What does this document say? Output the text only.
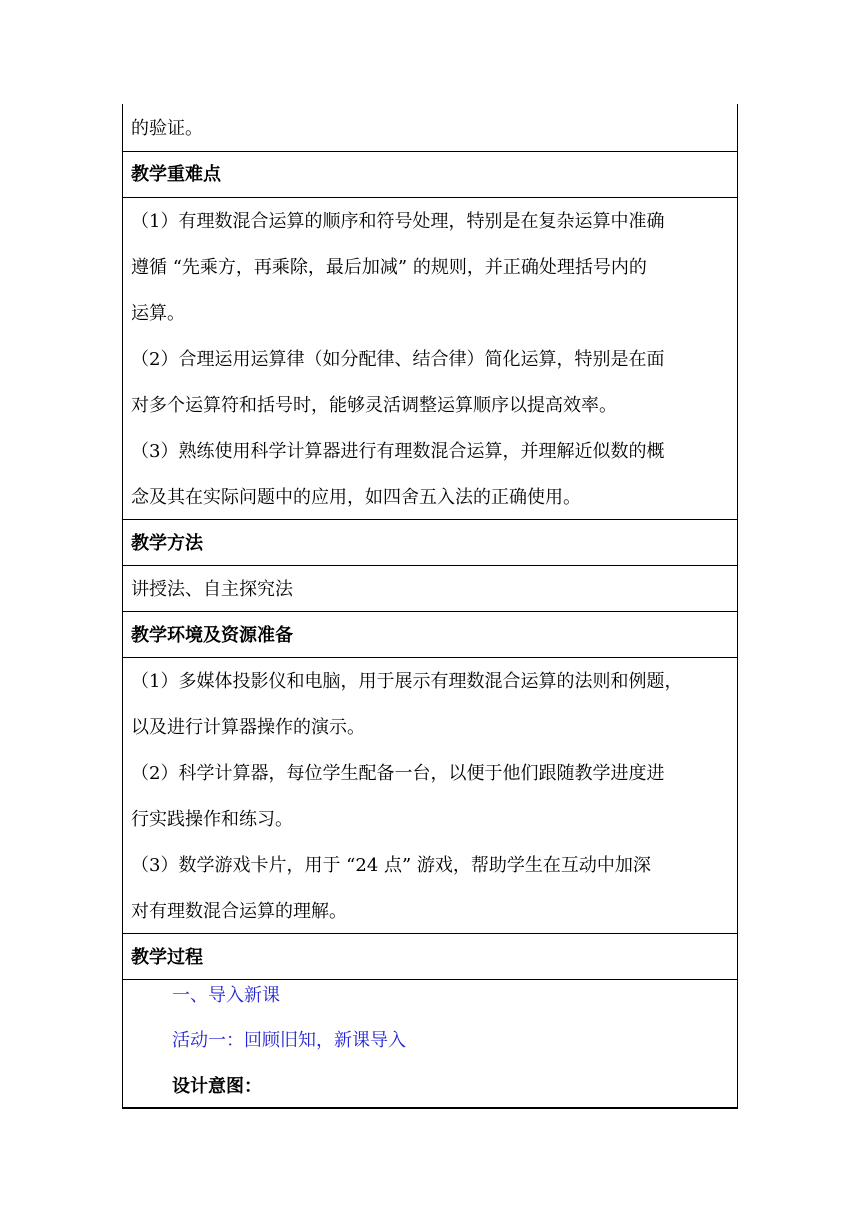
的验证。
教学重难点
（1）有理数混合运算的顺序和符号处理，特别是在复杂运算中准确
遵循 “先乘方，再乘除，最后加减” 的规则，并正确处理括号内的
运算。
（2）合理运用运算律（如分配律、结合律）简化运算，特别是在面
对多个运算符和括号时，能够灵活调整运算顺序以提高效率。
（3）熟练使用科学计算器进行有理数混合运算，并理解近似数的概
念及其在实际问题中的应用，如四舍五入法的正确使用。
教学方法
讲授法、自主探究法
教学环境及资源准备
（1）多媒体投影仪和电脑，用于展示有理数混合运算的法则和例题，
以及进行计算器操作的演示。
（2）科学计算器，每位学生配备一台，以便于他们跟随教学进度进
行实践操作和练习。
（3）数学游戏卡片，用于 “24 点” 游戏，帮助学生在互动中加深
对有理数混合运算的理解。
教学过程
一、导入新课
活动一：回顾旧知，新课导入
设计意图：
